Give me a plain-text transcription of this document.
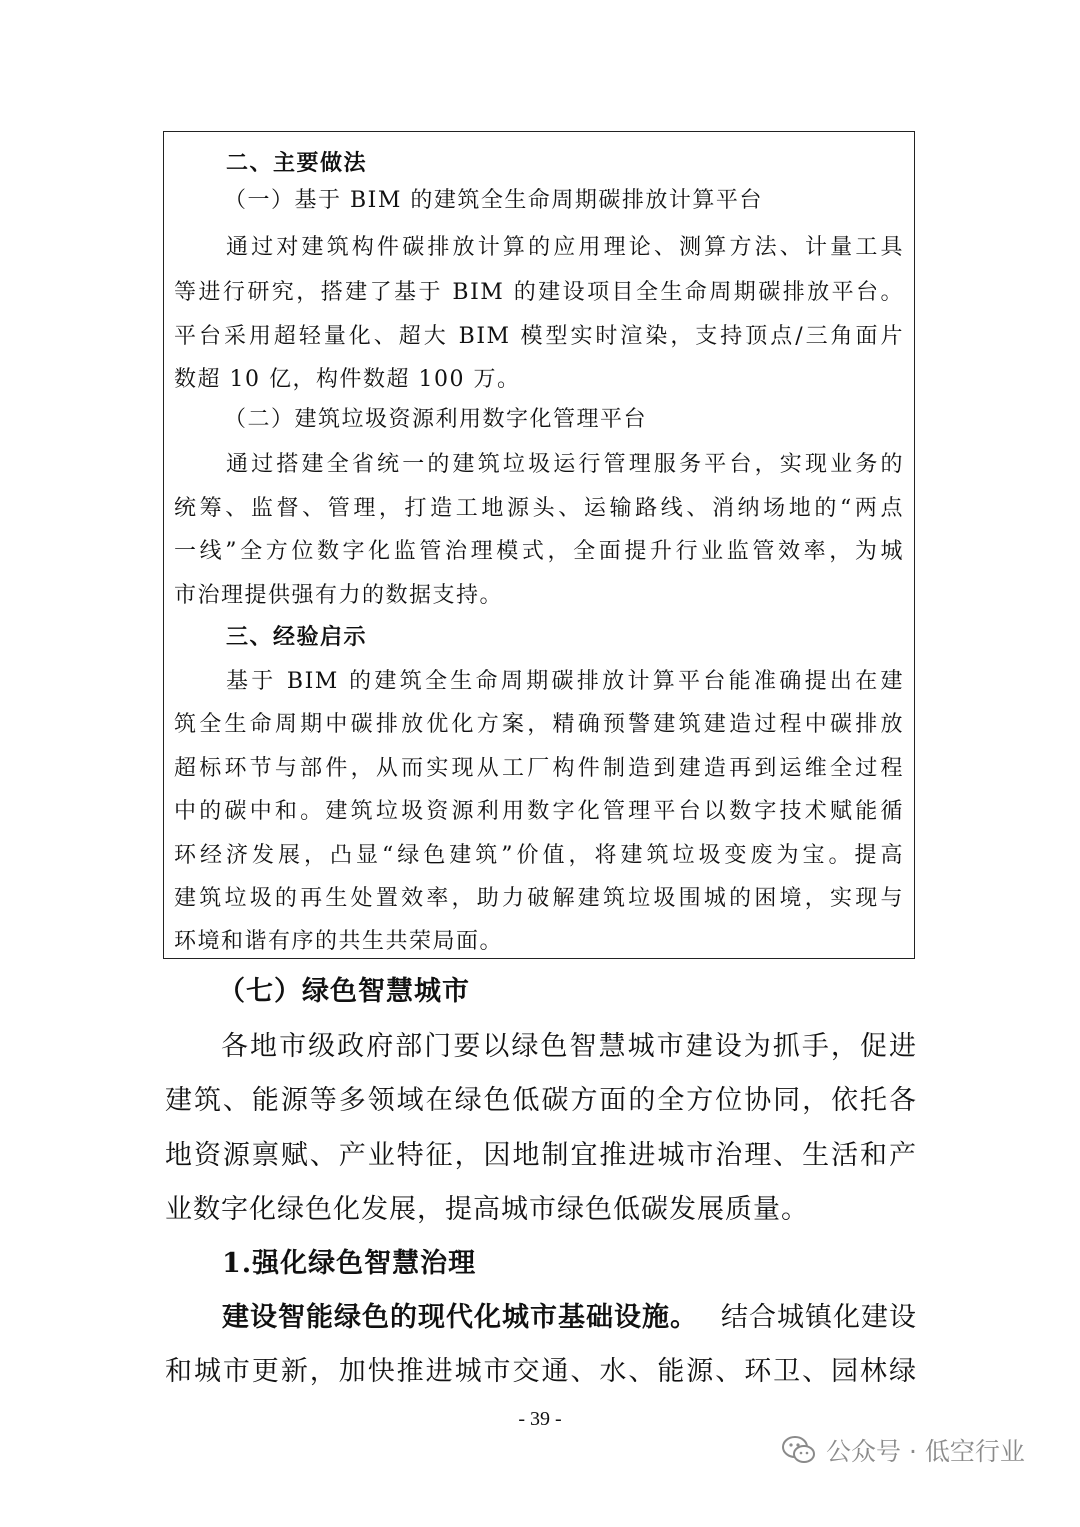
二、主要做法
（一）基于 BIM 的建筑全生命周期碳排放计算平台
通过对建筑构件碳排放计算的应用理论、测算方法、计量工具
等进行研究，搭建了基于 BIM 的建设项目全生命周期碳排放平台。
平台采用超轻量化、超大 BIM 模型实时渲染，支持顶点/三角面片
数超 10 亿，构件数超 100 万。
（二）建筑垃圾资源利用数字化管理平台
通过搭建全省统一的建筑垃圾运行管理服务平台，实现业务的
统筹、监督、管理，打造工地源头、运输路线、消纳场地的“两点
一线”全方位数字化监管治理模式，全面提升行业监管效率，为城
市治理提供强有力的数据支持。
三、经验启示
基于 BIM 的建筑全生命周期碳排放计算平台能准确提出在建
筑全生命周期中碳排放优化方案，精确预警建筑建造过程中碳排放
超标环节与部件，从而实现从工厂构件制造到建造再到运维全过程
中的碳中和。建筑垃圾资源利用数字化管理平台以数字技术赋能循
环经济发展，凸显“绿色建筑”价值，将建筑垃圾变废为宝。提高
建筑垃圾的再生处置效率，助力破解建筑垃圾围城的困境，实现与
环境和谐有序的共生共荣局面。
（七）绿色智慧城市
各地市级政府部门要以绿色智慧城市建设为抓手，促进
建筑、能源等多领域在绿色低碳方面的全方位协同，依托各
地资源禀赋、产业特征，因地制宜推进城市治理、生活和产
业数字化绿色化发展，提高城市绿色低碳发展质量。
1.强化绿色智慧治理
建设智能绿色的现代化城市基础设施。 结合城镇化建设
和城市更新，加快推进城市交通、水、能源、环卫、园林绿
- 39 -
公众号 · 低空行业
